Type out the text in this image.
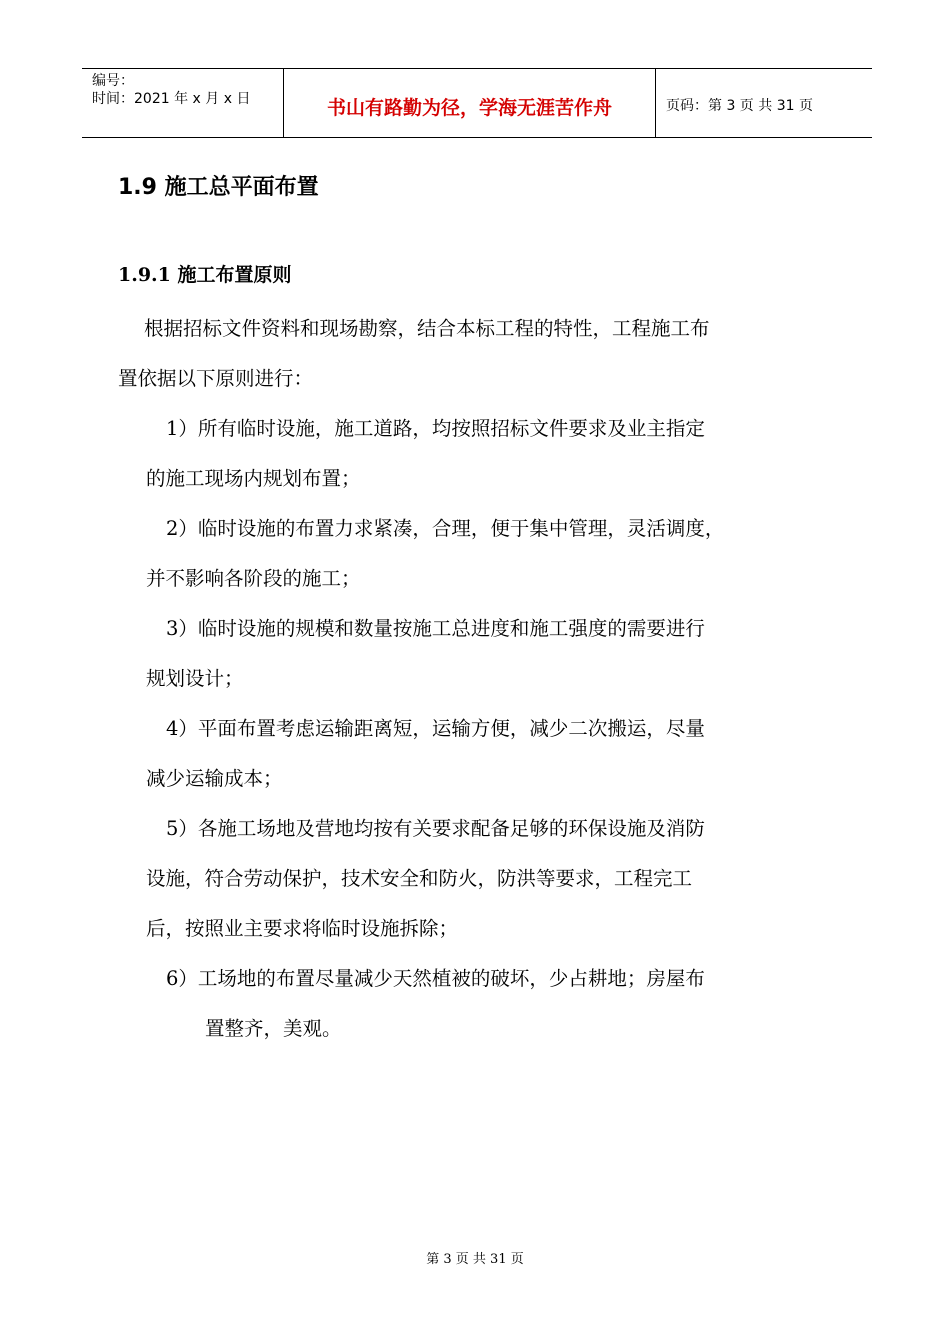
编号：
时间：2021 年 x 月 x 日	书山有路勤为径，学海无涯苦作舟	页码：第 3 页 共 31 页
1.9 施工总平面布置
1.9.1 施工布置原则

根据招标文件资料和现场勘察，结合本标工程的特性，工程施工布

置依据以下原则进行：

1）所有临时设施，施工道路，均按照招标文件要求及业主指定

的施工现场内规划布置；

2）临时设施的布置力求紧凑，合理，便于集中管理，灵活调度，

并不影响各阶段的施工；

3）临时设施的规模和数量按施工总进度和施工强度的需要进行

规划设计；

4）平面布置考虑运输距离短，运输方便，减少二次搬运，尽量

减少运输成本；

5）各施工场地及营地均按有关要求配备足够的环保设施及消防

设施，符合劳动保护，技术安全和防火，防洪等要求，工程完工

后，按照业主要求将临时设施拆除；

6）工场地的布置尽量减少天然植被的破坏，少占耕地；房屋布

置整齐，美观。

第 3 页 共 31 页
